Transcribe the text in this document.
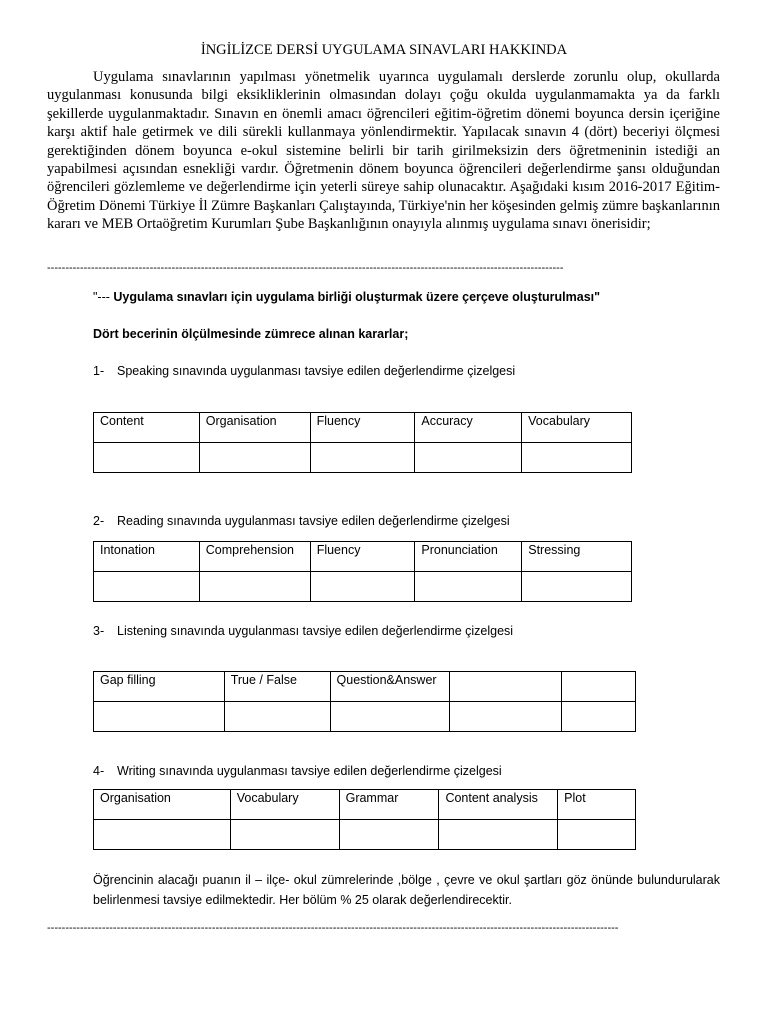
İNGİLİZCE DERSİ UYGULAMA SINAVLARI HAKKINDA

Uygulama sınavlarının yapılması yönetmelik uyarınca uygulamalı derslerde zorunlu olup, okullarda uygulanması konusunda bilgi eksikliklerinin olmasından dolayı çoğu okulda uygulanmamakta ya da farklı şekillerde uygulanmaktadır. Sınavın en önemli amacı öğrencileri eğitim-öğretim dönemi boyunca dersin içeriğine karşı aktif hale getirmek ve dili sürekli kullanmaya yönlendirmektir. Yapılacak sınavın 4 (dört) beceriyi ölçmesi gerektiğinden dönem boyunca e-okul sistemine belirli bir tarih girilmeksizin ders öğretmeninin istediği an yapabilmesi açısından esnekliği vardır. Öğretmenin dönem boyunca öğrencileri değerlendirme şansı olduğundan öğrencileri gözlemleme ve değerlendirme için yeterli süreye sahip olunacaktır. Aşağıdaki kısım 2016-2017 Eğitim-Öğretim Dönemi Türkiye İl Zümre Başkanları Çalıştayında, Türkiye'nin her köşesinden gelmiş zümre başkanlarının kararı ve MEB Ortaöğretim Kurumları Şube Başkanlığının onayıyla alınmış uygulama sınavı önerisidir;

---------------------------------------------------------------------------------------------------------------------------------------------
"--- Uygulama sınavları için uygulama birliği oluşturmak üzere çerçeve oluşturulması"
Dört becerinin ölçülmesinde zümrece alınan kararlar;
1- Speaking sınavında uygulanması tavsiye edilen değerlendirme çizelgesi
Content	Organisation	Fluency	Accuracy	Vocabulary

2- Reading sınavında uygulanması tavsiye edilen değerlendirme çizelgesi
Intonation	Comprehension	Fluency	Pronunciation	Stressing

3- Listening sınavında uygulanması tavsiye edilen değerlendirme çizelgesi
Gap filling	True / False	Question&Answer		

4- Writing sınavında uygulanması tavsiye edilen değerlendirme çizelgesi
Organisation	Vocabulary	Grammar	Content analysis	Plot

Öğrencinin alacağı puanın il – ilçe- okul zümrelerinde ,bölge , çevre ve okul şartları göz önünde bulundurularak belirlenmesi tavsiye edilmektedir. Her bölüm % 25 olarak değerlendirecektir.

------------------------------------------------------------------------------------------------------------------------------------------------------------
